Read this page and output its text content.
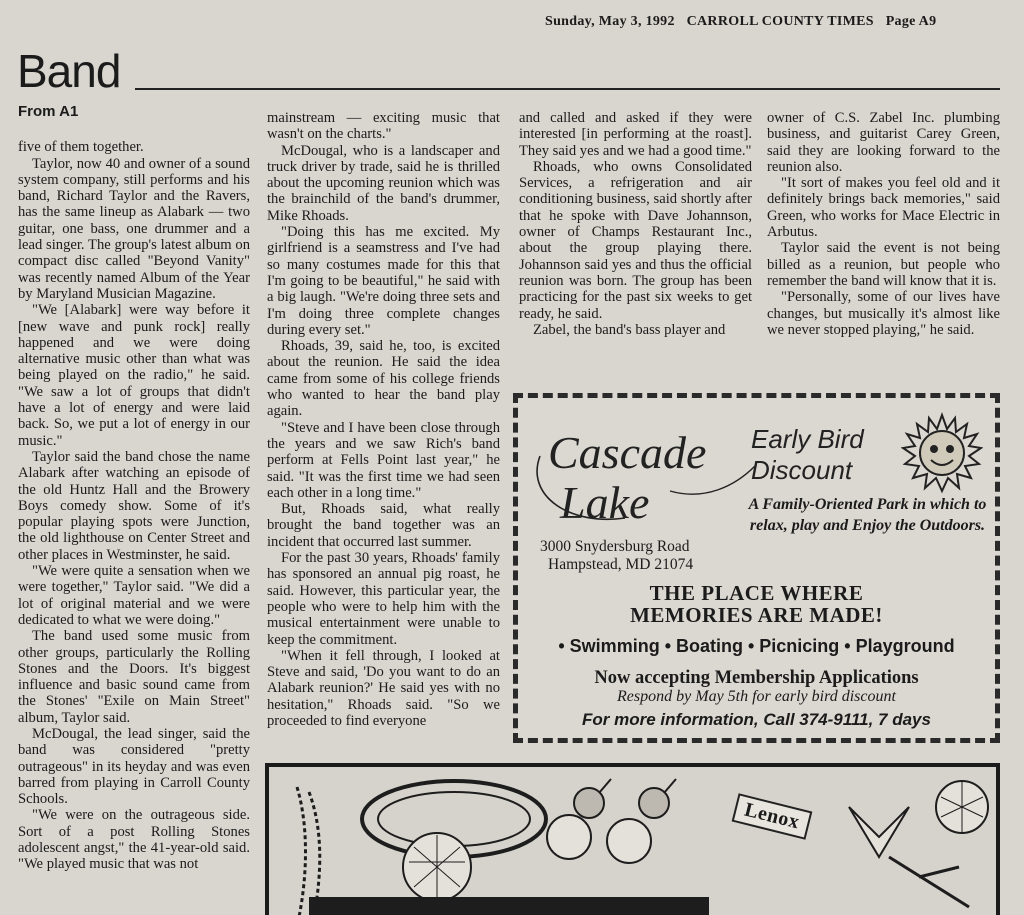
Sunday, May 3, 1992 CARROLL COUNTY TIMES Page A9
Band
From A1

five of them together.

Taylor, now 40 and owner of a sound system company, still performs and his band, Richard Taylor and the Ravers, has the same lineup as Alabark — two guitar, one bass, one drummer and a lead singer. The group's latest album on compact disc called "Beyond Vanity" was recently named Album of the Year by Maryland Musician Magazine.

"We [Alabark] were way before it [new wave and punk rock] really happened and we were doing alternative music other than what was being played on the radio," he said. "We saw a lot of groups that didn't have a lot of energy and were laid back. So, we put a lot of energy in our music."

Taylor said the band chose the name Alabark after watching an episode of the old Huntz Hall and the Browery Boys comedy show. Some of it's popular playing spots were Junction, the old lighthouse on Center Street and other places in Westminster, he said.

"We were quite a sensation when we were together," Taylor said. "We did a lot of original material and we were dedicated to what we were doing."

The band used some music from other groups, particularly the Rolling Stones and the Doors. It's biggest influence and basic sound came from the Stones' "Exile on Main Street" album, Taylor said.

McDougal, the lead singer, said the band was considered "pretty outrageous" in its heyday and was even barred from playing in Carroll County Schools.

"We were on the outrageous side. Sort of a post Rolling Stones adolescent angst," the 41-year-old said. "We played music that was not

mainstream — exciting music that wasn't on the charts."

McDougal, who is a landscaper and truck driver by trade, said he is thrilled about the upcoming reunion which was the brainchild of the band's drummer, Mike Rhoads.

"Doing this has me excited. My girlfriend is a seamstress and I've had so many costumes made for this that I'm going to be beautiful," he said with a big laugh. "We're doing three sets and I'm doing three complete changes during every set."

Rhoads, 39, said he, too, is excited about the reunion. He said the idea came from some of his college friends who wanted to hear the band play again.

"Steve and I have been close through the years and we saw Rich's band perform at Fells Point last year," he said. "It was the first time we had seen each other in a long time."

But, Rhoads said, what really brought the band together was an incident that occurred last summer.

For the past 30 years, Rhoads' family has sponsored an annual pig roast, he said. However, this particular year, the people who were to help him with the musical entertainment were unable to keep the commitment.

"When it fell through, I looked at Steve and said, 'Do you want to do an Alabark reunion?' He said yes with no hesitation," Rhoads said. "So we proceeded to find everyone

and called and asked if they were interested [in performing at the roast]. They said yes and we had a good time."

Rhoads, who owns Consolidated Services, a refrigeration and air conditioning business, said shortly after that he spoke with Dave Johannson, owner of Champs Restaurant Inc., about the group playing there. Johannson said yes and thus the official reunion was born. The group has been practicing for the past six weeks to get ready, he said.

Zabel, the band's bass player and

owner of C.S. Zabel Inc. plumbing business, and guitarist Carey Green, said they are looking forward to the reunion also.

"It sort of makes you feel old and it definitely brings back memories," said Green, who works for Mace Electric in Arbutus.

Taylor said the event is not being billed as a reunion, but people who remember the band will know that it is.

"Personally, some of our lives have changes, but musically it's almost like we never stopped playing," he said.

Cascade
Lake
Early Bird
Discount
A Family-Oriented Park in which to relax, play and Enjoy the Outdoors.
3000 Snydersburg Road
Hampstead, MD 21074
THE PLACE WHERE
MEMORIES ARE MADE!
• Swimming • Boating • Picnicing • Playground
Now accepting Membership Applications
Respond by May 5th for early bird discount
For more information, Call 374-9111, 7 days
Lenox
